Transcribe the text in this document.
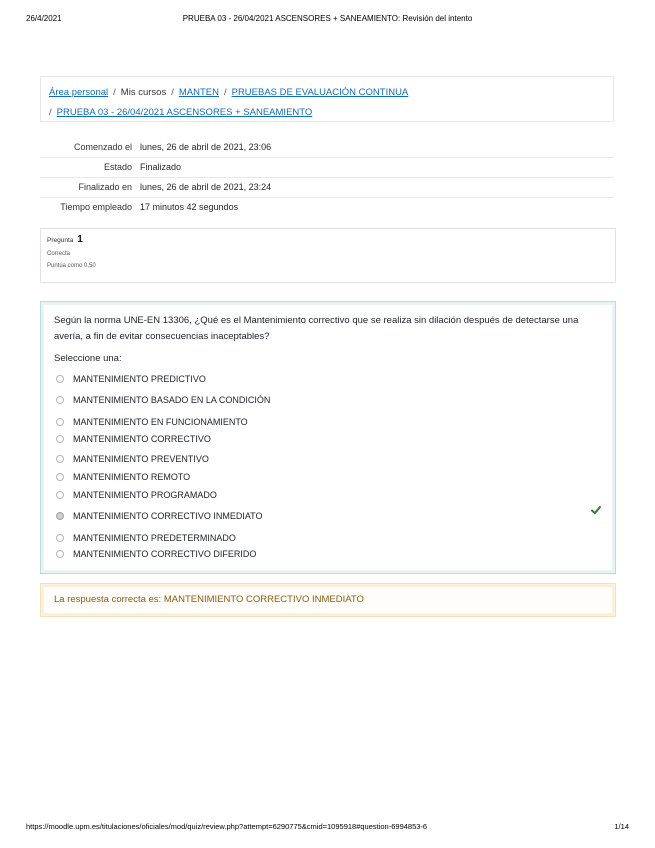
26/4/2021	PRUEBA 03 - 26/04/2021 ASCENSORES + SANEAMIENTO: Revisión del intento
Área personal / Mis cursos / MANTEN / PRUEBAS DE EVALUACIÓN CONTINUA
/ PRUEBA 03 - 26/04/2021 ASCENSORES + SANEAMIENTO
Comenzado el	lunes, 26 de abril de 2021, 23:06
Estado	Finalizado
Finalizado en	lunes, 26 de abril de 2021, 23:24
Tiempo empleado	17 minutos 42 segundos
Pregunta 1
Correcta
Puntúa como 0,50
Según la norma UNE-EN 13306, ¿Qué es el Mantenimiento correctivo que se realiza sin dilación después de detectarse una avería, a fin de evitar consecuencias inaceptables?
Seleccione una:
MANTENIMIENTO PREDICTIVO
MANTENIMIENTO BASADO EN LA CONDICIÓN
MANTENIMIENTO EN FUNCIONAMIENTO
MANTENIMIENTO CORRECTIVO
MANTENIMIENTO PREVENTIVO
MANTENIMIENTO REMOTO
MANTENIMIENTO PROGRAMADO
MANTENIMIENTO CORRECTIVO INMEDIATO
MANTENIMIENTO PREDETERMINADO
MANTENIMIENTO CORRECTIVO DIFERIDO
La respuesta correcta es: MANTENIMIENTO CORRECTIVO INMEDIATO
https://moodle.upm.es/titulaciones/oficiales/mod/quiz/review.php?attempt=6290775&cmid=1095918#question-6994853-6	1/14
